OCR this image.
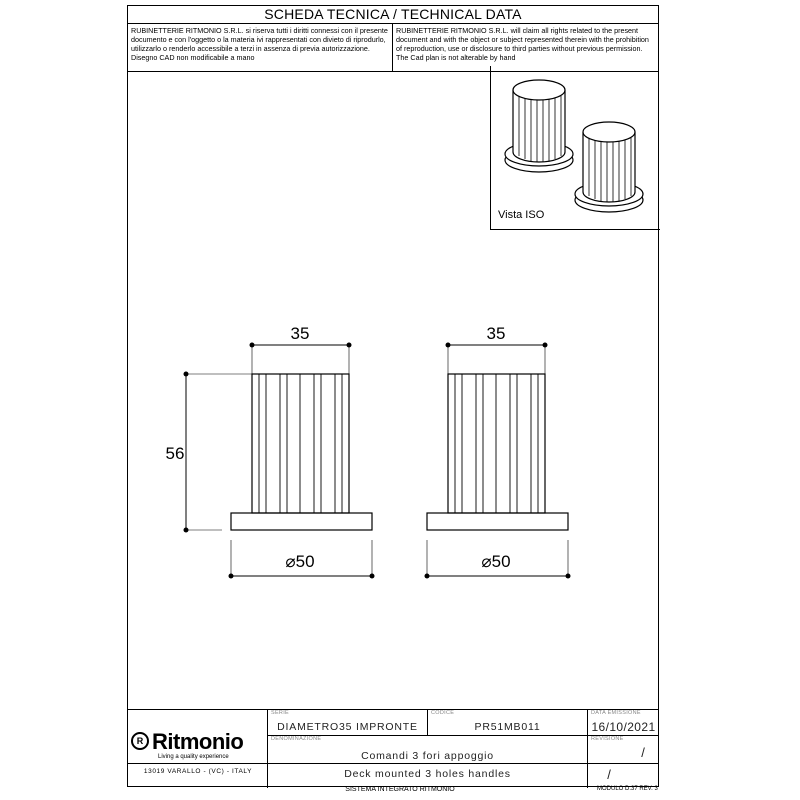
SCHEDA TECNICA / TECHNICAL DATA
RUBINETTERIE RITMONIO S.R.L. si riserva tutti i diritti connessi con il presente documento e con l'oggetto o la materia ivi rappresentati con divieto di riprodurlo, utilizzarlo o renderlo accessibile a terzi in assenza di previa autorizzazione. Disegno CAD non modificabile a mano
RUBINETTERIE RITMONIO S.R.L. will claim all rights related to the present document and with the object or subject represented therein with the prohibition of reproduction, use or disclosure to third parties without previous permission. The Cad plan is not alterable by hand
Vista ISO
R Ritmonio
Living a quality experience
13019 VARALLO - (VC) - ITALY
SERIE
DIAMETRO35 IMPRONTE
CODICE
PR51MB011
DATA EMISSIONE
16/10/2021
DENOMINAZIONE
Comandi 3 fori appoggio
Deck mounted 3 holes handles
REVISIONE
/
/
35
56
⌀50
35
⌀50
SISTEMA INTEGRATO RITMONIO	MODULO D.37 REV. 3
